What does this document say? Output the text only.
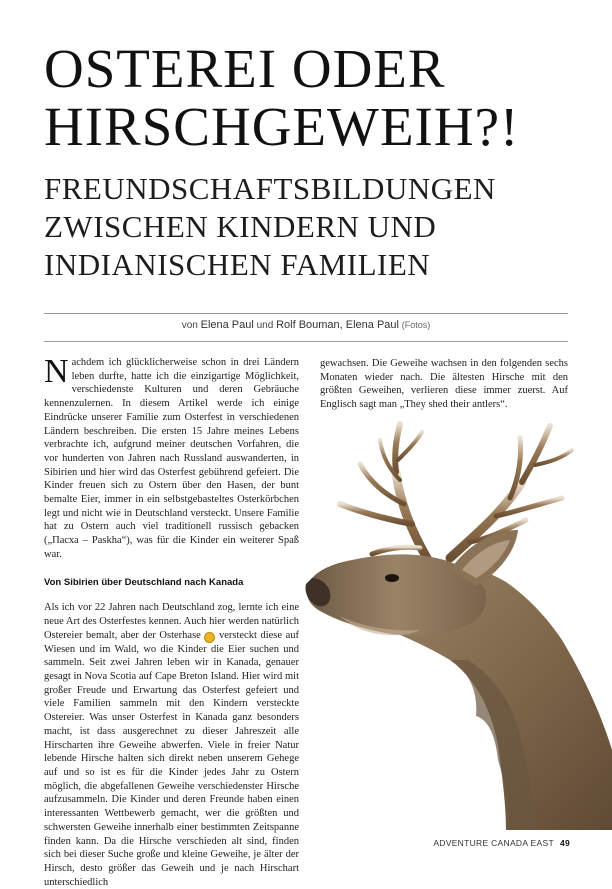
OSTEREI ODER
HIRSCHGEWEIH?!
FREUNDSCHAFTSBILDUNGEN
ZWISCHEN KINDERN UND
INDIANISCHEN FAMILIEN
von Elena Paul und Rolf Bouman, Elena Paul (Fotos)

Nachdem ich glücklicherweise schon in drei Ländern leben durfte, hatte ich die einzigartige Möglichkeit, verschiedenste Kulturen und deren Gebräuche kennenzulernen. In diesem Artikel werde ich einige Eindrücke unserer Familie zum Osterfest in verschiedenen Ländern beschreiben. Die ersten 15 Jahre meines Lebens verbrachte ich, aufgrund meiner deutschen Vorfahren, die vor hunderten von Jahren nach Russland auswanderten, in Sibirien und hier wird das Osterfest gebührend gefeiert. Die Kinder freuen sich zu Ostern über den Hasen, der bunt bemalte Eier, immer in ein selbstgebasteltes Osterkörbchen legt und nicht wie in Deutschland versteckt. Unsere Familie hat zu Ostern auch viel traditionell russisch gebacken („Пасха – Paskha“), was für die Kinder ein weiterer Spaß war.

Von Sibirien über Deutschland nach Kanada

Als ich vor 22 Jahren nach Deutschland zog, lernte ich eine neue Art des Osterfestes kennen. Auch hier werden natürlich Ostereier bemalt, aber der Osterhase  versteckt diese auf Wiesen und im Wald, wo die Kinder die Eier suchen und sammeln. Seit zwei Jahren leben wir in Kanada, genauer gesagt in Nova Scotia auf Cape Breton Island. Hier wird mit großer Freude und Erwartung das Osterfest gefeiert und viele Familien sammeln mit den Kindern versteckte Ostereier. Was unser Osterfest in Kanada ganz besonders macht, ist dass ausgerechnet zu dieser Jahreszeit alle Hirscharten ihre Geweihe abwerfen. Viele in freier Natur lebende Hirsche halten sich direkt neben unserem Gehege auf und so ist es für die Kinder jedes Jahr zu Ostern möglich, die abgefallenen Geweihe verschiedenster Hirsche aufzusammeln. Die Kinder und deren Freunde haben einen interessanten Wettbewerb gemacht, wer die größten und schwersten Geweihe innerhalb einer bestimmten Zeitspanne finden kann. Da die Hirsche verschieden alt sind, finden sich bei dieser Suche große und kleine Geweihe, je älter der Hirsch, desto größer das Geweih und je nach Hirschart unterschiedlich

gewachsen. Die Geweihe wachsen in den folgenden sechs Monaten wieder nach. Die ältesten Hirsche mit den größten Geweihen, verlieren diese immer zuerst. Auf Englisch sagt man „They shed their antlers“.

ADVENTURE CANADA EAST 49
